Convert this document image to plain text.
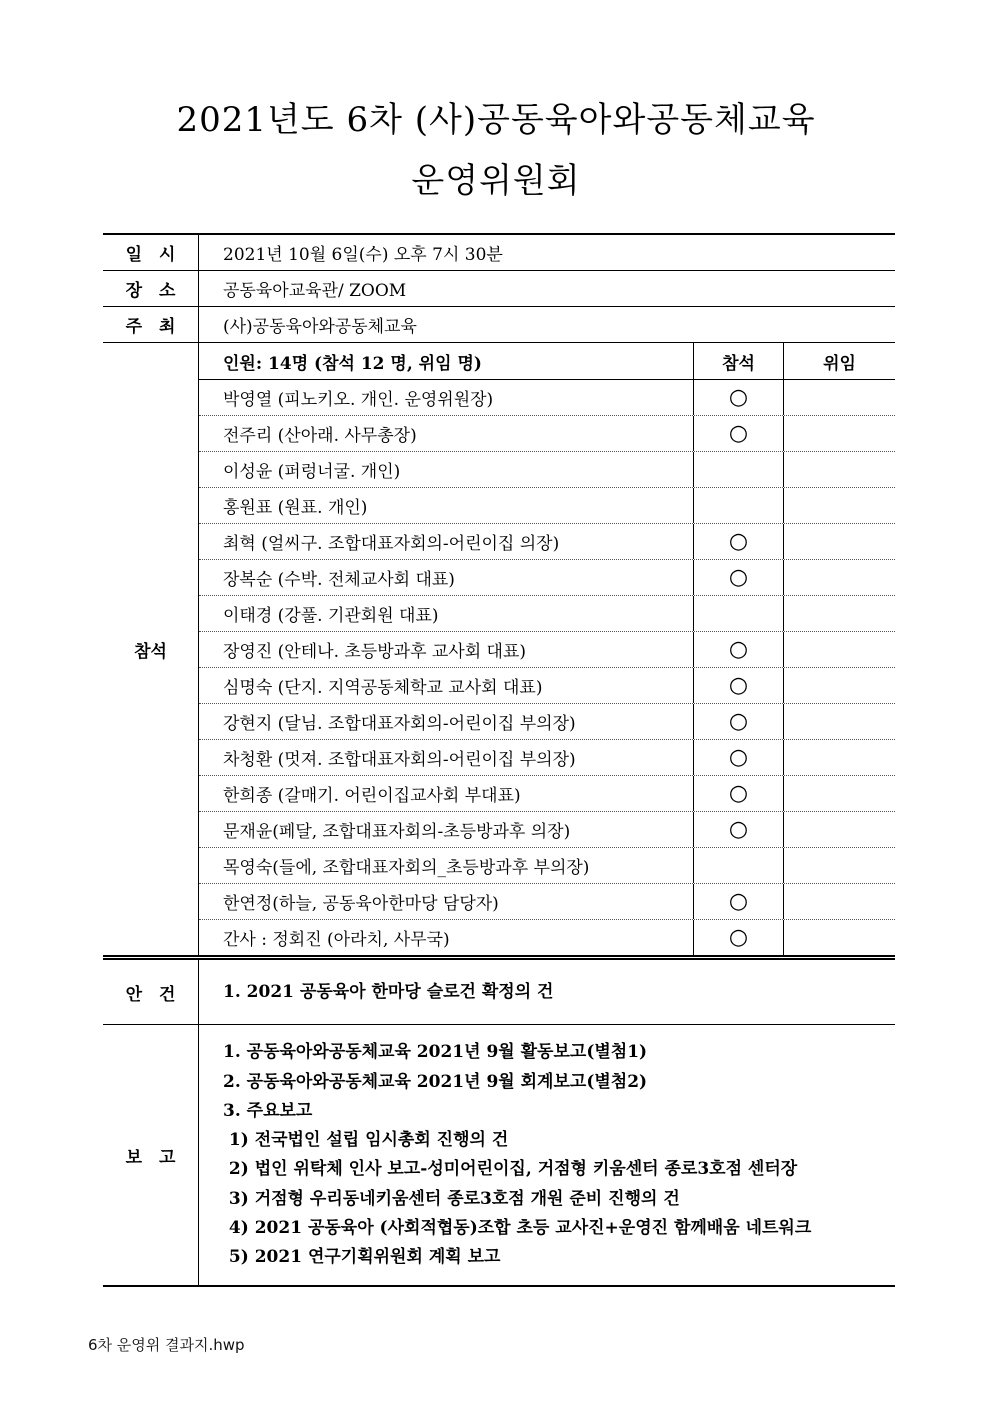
2021년도 6차 (사)공동육아와공동체교육
운영위원회
일　시	2021년 10월 6일(수) 오후 7시 30분
장　소	공동육아교육관/ ZOOM
주　최	(사)공동육아와공동체교육
참석
인원: 14명 (참석 12 명, 위임 명)	참석	위임
박영열 (피노키오. 개인. 운영위원장)	○
전주리 (산아래. 사무총장)	○
이성윤 (퍼렁너굴. 개인)
홍원표 (원표. 개인)
최혁 (얼씨구. 조합대표자회의-어린이집 의장)	○
장복순 (수박. 전체교사회 대표)	○
이태경 (강풀. 기관회원 대표)
장영진 (안테나. 초등방과후 교사회 대표)	○
심명숙 (단지. 지역공동체학교 교사회 대표)	○
강현지 (달님. 조합대표자회의-어린이집 부의장)	○
차청환 (멋져. 조합대표자회의-어린이집 부의장)	○
한희종 (갈매기. 어린이집교사회 부대표)	○
문재윤(페달, 조합대표자회의-초등방과후 의장)	○
목영숙(들에, 조합대표자회의_초등방과후 부의장)
한연정(하늘, 공동육아한마당 담당자)	○
간사 : 정회진 (아라치, 사무국)	○
안　건	1. 2021 공동육아 한마당 슬로건 확정의 건
보　고
1. 공동육아와공동체교육 2021년 9월 활동보고(별첨1)
2. 공동육아와공동체교육 2021년 9월 회계보고(별첨2)
3. 주요보고
1) 전국법인 설립 임시총회 진행의 건
2) 법인 위탁체 인사 보고-성미어린이집, 거점형 키움센터 종로3호점 센터장
3) 거점형 우리동네키움센터 종로3호점 개원 준비 진행의 건
4) 2021 공동육아 (사회적협동)조합 초등 교사진+운영진 함께배움 네트워크
5) 2021 연구기획위원회 계획 보고
6차 운영위 결과지.hwp
